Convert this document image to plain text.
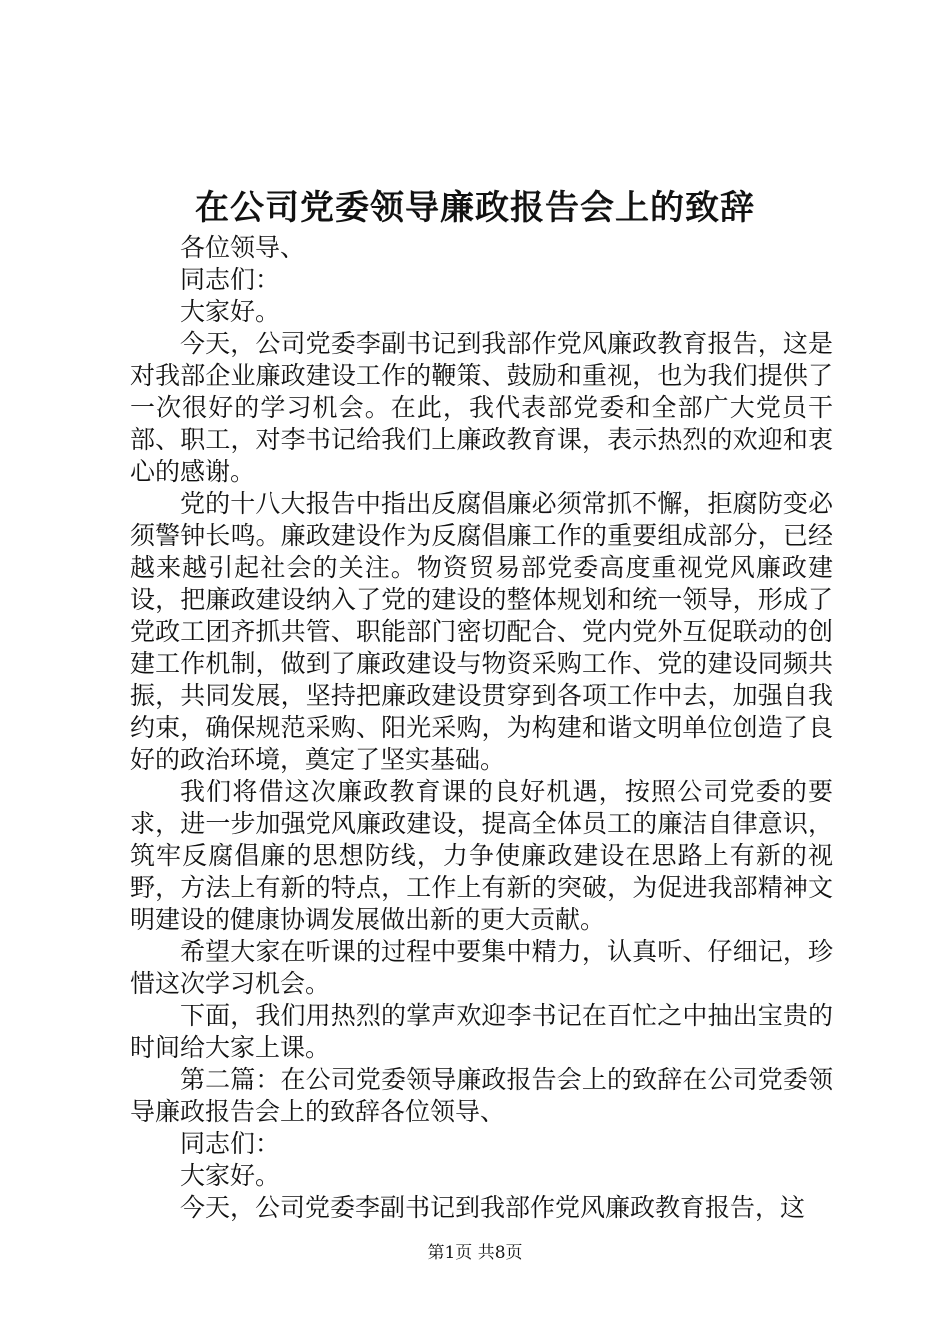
在公司党委领导廉政报告会上的致辞

各位领导、

同志们：

大家好。

今天，公司党委李副书记到我部作党风廉政教育报告，这是对我部企业廉政建设工作的鞭策、鼓励和重视，也为我们提供了一次很好的学习机会。在此，我代表部党委和全部广大党员干部、职工，对李书记给我们上廉政教育课，表示热烈的欢迎和衷心的感谢。

党的十八大报告中指出反腐倡廉必须常抓不懈，拒腐防变必须警钟长鸣。廉政建设作为反腐倡廉工作的重要组成部分，已经越来越引起社会的关注。物资贸易部党委高度重视党风廉政建设，把廉政建设纳入了党的建设的整体规划和统一领导，形成了党政工团齐抓共管、职能部门密切配合、党内党外互促联动的创建工作机制，做到了廉政建设与物资采购工作、党的建设同频共振，共同发展，坚持把廉政建设贯穿到各项工作中去，加强自我约束，确保规范采购、阳光采购，为构建和谐文明单位创造了良好的政治环境，奠定了坚实基础。

我们将借这次廉政教育课的良好机遇，按照公司党委的要求，进一步加强党风廉政建设，提高全体员工的廉洁自律意识，筑牢反腐倡廉的思想防线，力争使廉政建设在思路上有新的视野，方法上有新的特点，工作上有新的突破，为促进我部精神文明建设的健康协调发展做出新的更大贡献。

希望大家在听课的过程中要集中精力，认真听、仔细记，珍惜这次学习机会。

下面，我们用热烈的掌声欢迎李书记在百忙之中抽出宝贵的时间给大家上课。

第二篇：在公司党委领导廉政报告会上的致辞在公司党委领导廉政报告会上的致辞各位领导、

同志们：

大家好。

今天，公司党委李副书记到我部作党风廉政教育报告，这

第1页 共8页
